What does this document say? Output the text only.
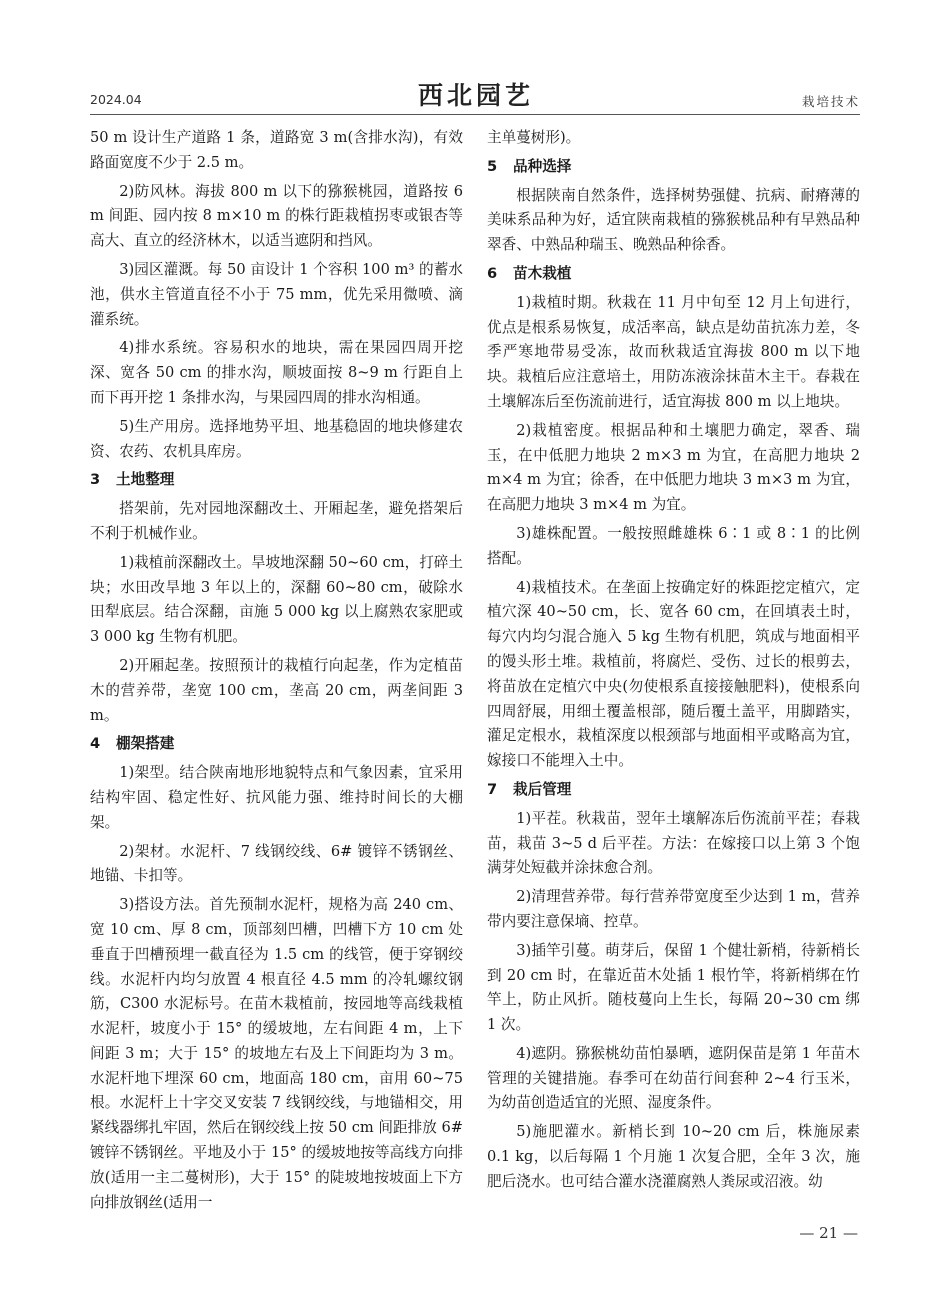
2024.04	西北园艺	栽培技术

50 m 设计生产道路 1 条，道路宽 3 m(含排水沟)，有效路面宽度不少于 2.5 m。

2)防风林。海拔 800 m 以下的猕猴桃园，道路按 6 m 间距、园内按 8 m×10 m 的株行距栽植拐枣或银杏等高大、直立的经济林木，以适当遮阴和挡风。

3)园区灌溉。每 50 亩设计 1 个容积 100 m³ 的蓄水池，供水主管道直径不小于 75 mm，优先采用微喷、滴灌系统。

4)排水系统。容易积水的地块，需在果园四周开挖深、宽各 50 cm 的排水沟，顺坡面按 8~9 m 行距自上而下再开挖 1 条排水沟，与果园四周的排水沟相通。

5)生产用房。选择地势平坦、地基稳固的地块修建农资、农药、农机具库房。

3 土地整理

搭架前，先对园地深翻改土、开厢起垄，避免搭架后不利于机械作业。

1)栽植前深翻改土。旱坡地深翻 50~60 cm，打碎土块；水田改旱地 3 年以上的，深翻 60~80 cm，破除水田犁底层。结合深翻，亩施 5 000 kg 以上腐熟农家肥或 3 000 kg 生物有机肥。

2)开厢起垄。按照预计的栽植行向起垄，作为定植苗木的营养带，垄宽 100 cm，垄高 20 cm，两垄间距 3 m。

4 棚架搭建

1)架型。结合陕南地形地貌特点和气象因素，宜采用结构牢固、稳定性好、抗风能力强、维持时间长的大棚架。

2)架材。水泥杆、7 线钢绞线、6# 镀锌不锈钢丝、地锚、卡扣等。

3)搭设方法。首先预制水泥杆，规格为高 240 cm、宽 10 cm、厚 8 cm，顶部刻凹槽，凹槽下方 10 cm 处垂直于凹槽预埋一截直径为 1.5 cm 的线管，便于穿钢绞线。水泥杆内均匀放置 4 根直径 4.5 mm 的冷轧螺纹钢筋，C300 水泥标号。在苗木栽植前，按园地等高线栽植水泥杆，坡度小于 15° 的缓坡地，左右间距 4 m，上下间距 3 m；大于 15° 的坡地左右及上下间距均为 3 m。水泥杆地下埋深 60 cm，地面高 180 cm，亩用 60~75 根。水泥杆上十字交叉安装 7 线钢绞线，与地锚相交，用紧线器绑扎牢固，然后在钢绞线上按 50 cm 间距排放 6# 镀锌不锈钢丝。平地及小于 15° 的缓坡地按等高线方向排放(适用一主二蔓树形)，大于 15° 的陡坡地按坡面上下方向排放钢丝(适用一

主单蔓树形)。

5 品种选择

根据陕南自然条件，选择树势强健、抗病、耐瘠薄的美味系品种为好，适宜陕南栽植的猕猴桃品种有早熟品种翠香、中熟品种瑞玉、晚熟品种徐香。

6 苗木栽植

1)栽植时期。秋栽在 11 月中旬至 12 月上旬进行，优点是根系易恢复，成活率高，缺点是幼苗抗冻力差，冬季严寒地带易受冻，故而秋栽适宜海拔 800 m 以下地块。栽植后应注意培土，用防冻液涂抹苗木主干。春栽在土壤解冻后至伤流前进行，适宜海拔 800 m 以上地块。

2)栽植密度。根据品种和土壤肥力确定，翠香、瑞玉，在中低肥力地块 2 m×3 m 为宜，在高肥力地块 2 m×4 m 为宜；徐香，在中低肥力地块 3 m×3 m 为宜，在高肥力地块 3 m×4 m 为宜。

3)雄株配置。一般按照雌雄株 6∶1 或 8∶1 的比例搭配。

4)栽植技术。在垄面上按确定好的株距挖定植穴，定植穴深 40~50 cm，长、宽各 60 cm，在回填表土时，每穴内均匀混合施入 5 kg 生物有机肥，筑成与地面相平的馒头形土堆。栽植前，将腐烂、受伤、过长的根剪去，将苗放在定植穴中央(勿使根系直接接触肥料)，使根系向四周舒展，用细土覆盖根部，随后覆土盖平，用脚踏实，灌足定根水，栽植深度以根颈部与地面相平或略高为宜，嫁接口不能埋入土中。

7 栽后管理

1)平茬。秋栽苗，翌年土壤解冻后伤流前平茬；春栽苗，栽苗 3~5 d 后平茬。方法：在嫁接口以上第 3 个饱满芽处短截并涂抹愈合剂。

2)清理营养带。每行营养带宽度至少达到 1 m，营养带内要注意保墒、控草。

3)插竿引蔓。萌芽后，保留 1 个健壮新梢，待新梢长到 20 cm 时，在靠近苗木处插 1 根竹竿，将新梢绑在竹竿上，防止风折。随枝蔓向上生长，每隔 20~30 cm 绑 1 次。

4)遮阴。猕猴桃幼苗怕暴晒，遮阴保苗是第 1 年苗木管理的关键措施。春季可在幼苗行间套种 2~4 行玉米，为幼苗创造适宜的光照、湿度条件。

5)施肥灌水。新梢长到 10~20 cm 后，株施尿素 0.1 kg，以后每隔 1 个月施 1 次复合肥，全年 3 次，施肥后浇水。也可结合灌水浇灌腐熟人粪尿或沼液。幼

— 21 —
